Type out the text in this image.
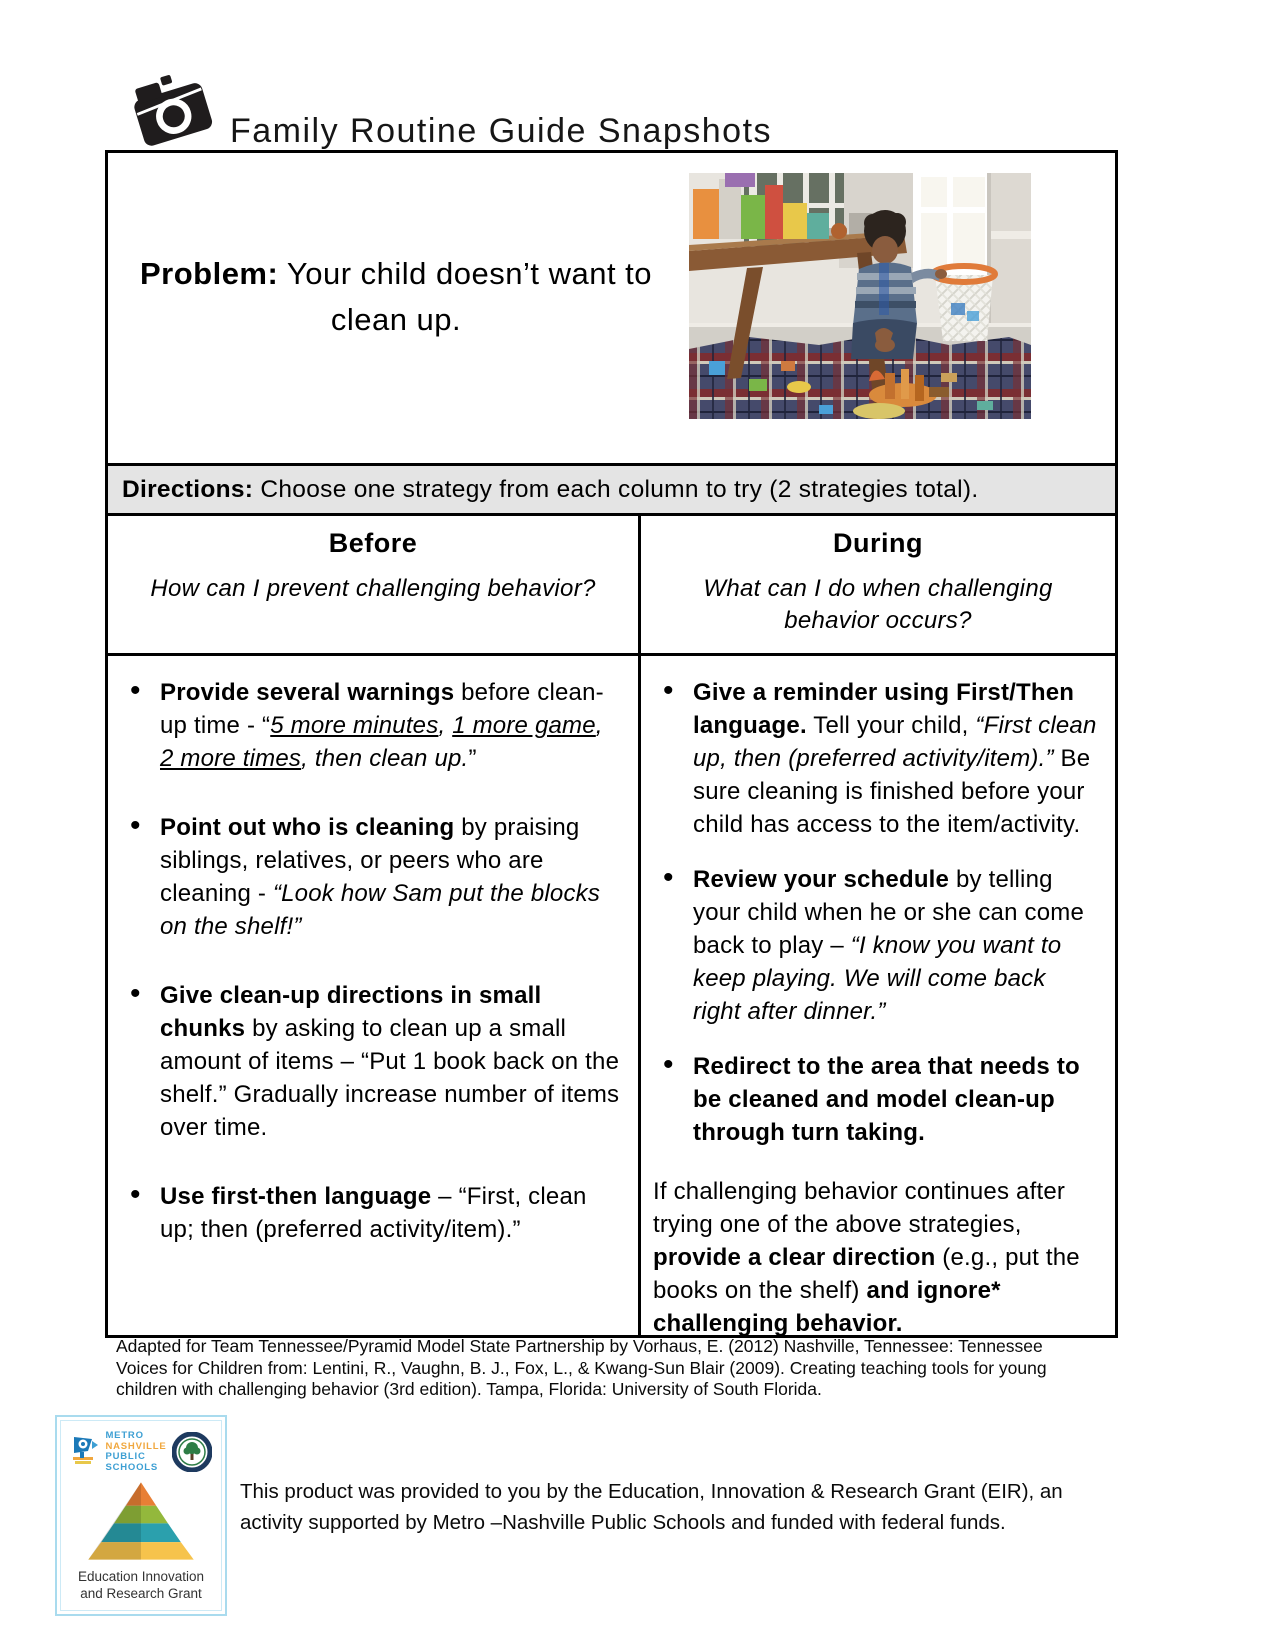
Family Routine Guide Snapshots
Problem: Your child doesn’t want to clean up.
Directions: Choose one strategy from each column to try (2 strategies total).
Before
How can I prevent challenging behavior?
During
What can I do when challenging behavior occurs?
• Provide several warnings before clean-up time - “5 more minutes, 1 more game, 2 more times, then clean up.”
• Point out who is cleaning by praising siblings, relatives, or peers who are cleaning - “Look how Sam put the blocks on the shelf!”
• Give clean-up directions in small chunks by asking to clean up a small amount of items – “Put 1 book back on the shelf.” Gradually increase number of items over time.
• Use first-then language – “First, clean up; then (preferred activity/item).”
• Give a reminder using First/Then language. Tell your child, “First clean up, then (preferred activity/item).” Be sure cleaning is finished before your child has access to the item/activity.
• Review your schedule by telling your child when he or she can come back to play – “I know you want to keep playing. We will come back right after dinner.”
• Redirect to the area that needs to be cleaned and model clean-up through turn taking.
If challenging behavior continues after trying one of the above strategies, provide a clear direction (e.g., put the books on the shelf) and ignore* challenging behavior.

Adapted for Team Tennessee/Pyramid Model State Partnership by Vorhaus, E. (2012) Nashville, Tennessee: Tennessee Voices for Children from: Lentini, R., Vaughn, B. J., Fox, L., & Kwang-Sun Blair (2009). Creating teaching tools for young children with challenging behavior (3rd edition). Tampa, Florida: University of South Florida.

METRO
NASHVILLE
PUBLIC
SCHOOLS
Education Innovation
and Research Grant

This product was provided to you by the Education, Innovation & Research Grant (EIR), an activity supported by Metro –Nashville Public Schools and funded with federal funds.
